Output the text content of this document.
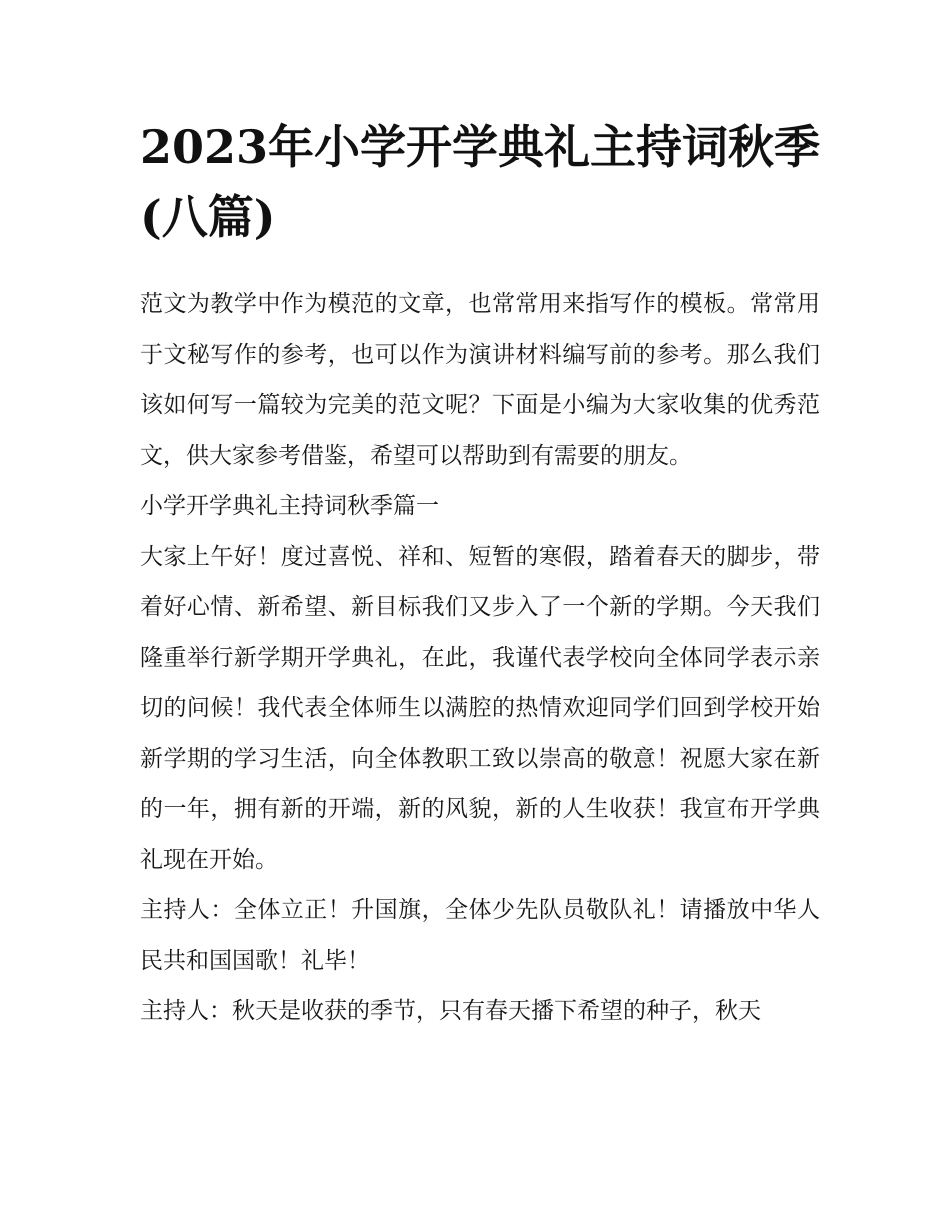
2023年小学开学典礼主持词秋季(八篇)

范文为教学中作为模范的文章，也常常用来指写作的模板。常常用于文秘写作的参考，也可以作为演讲材料编写前的参考。那么我们该如何写一篇较为完美的范文呢？下面是小编为大家收集的优秀范文，供大家参考借鉴，希望可以帮助到有需要的朋友。

小学开学典礼主持词秋季篇一

大家上午好！度过喜悦、祥和、短暂的寒假，踏着春天的脚步，带着好心情、新希望、新目标我们又步入了一个新的学期。今天我们隆重举行新学期开学典礼，在此，我谨代表学校向全体同学表示亲切的问候！我代表全体师生以满腔的热情欢迎同学们回到学校开始新学期的学习生活，向全体教职工致以崇高的敬意！祝愿大家在新的一年，拥有新的开端，新的风貌，新的人生收获！我宣布开学典礼现在开始。

主持人：全体立正！升国旗，全体少先队员敬队礼！请播放中华人民共和国国歌！礼毕！

主持人：秋天是收获的季节，只有春天播下希望的种子，秋天
